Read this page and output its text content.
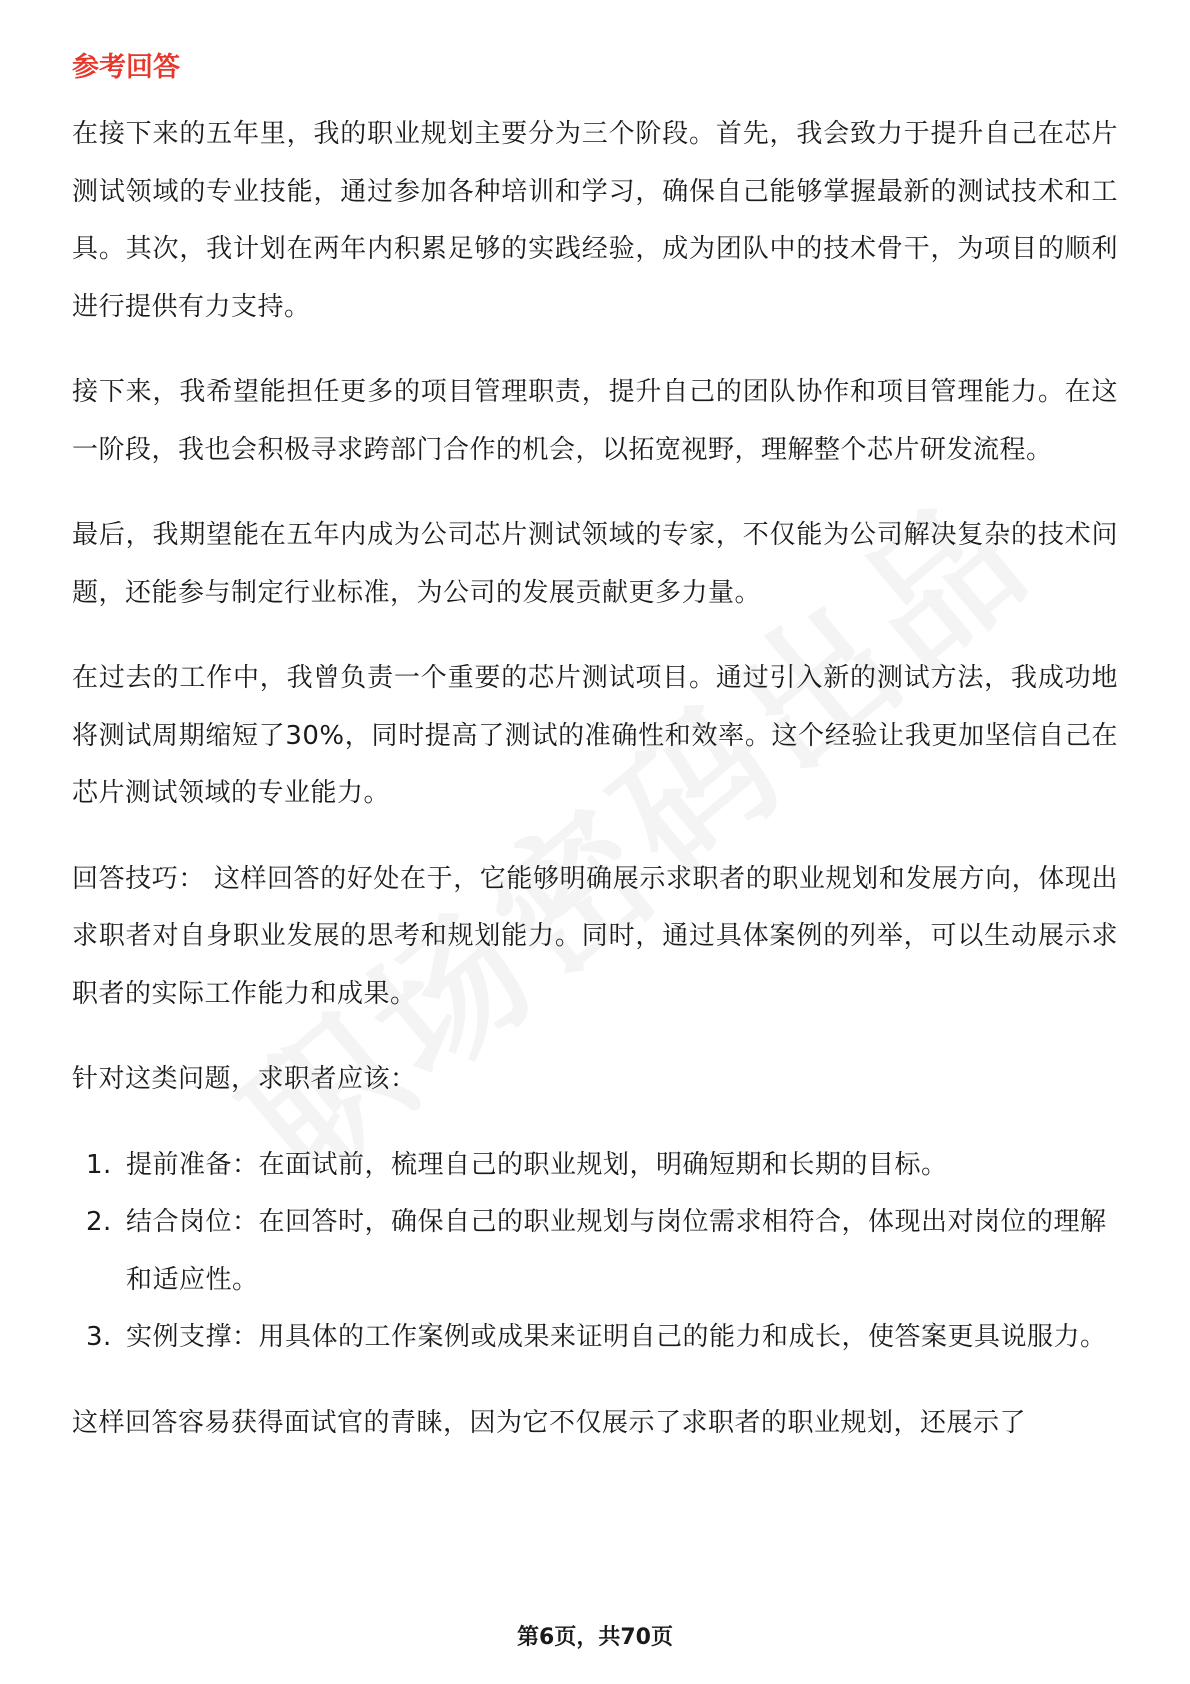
参考回答

在接下来的五年里，我的职业规划主要分为三个阶段。首先，我会致力于提升自己在芯片测试领域的专业技能，通过参加各种培训和学习，确保自己能够掌握最新的测试技术和工具。其次，我计划在两年内积累足够的实践经验，成为团队中的技术骨干，为项目的顺利进行提供有力支持。

接下来，我希望能担任更多的项目管理职责，提升自己的团队协作和项目管理能力。在这一阶段，我也会积极寻求跨部门合作的机会，以拓宽视野，理解整个芯片研发流程。

最后，我期望能在五年内成为公司芯片测试领域的专家，不仅能为公司解决复杂的技术问题，还能参与制定行业标准，为公司的发展贡献更多力量。

在过去的工作中，我曾负责一个重要的芯片测试项目。通过引入新的测试方法，我成功地将测试周期缩短了30%，同时提高了测试的准确性和效率。这个经验让我更加坚信自己在芯片测试领域的专业能力。

回答技巧： 这样回答的好处在于，它能够明确展示求职者的职业规划和发展方向，体现出求职者对自身职业发展的思考和规划能力。同时，通过具体案例的列举，可以生动展示求职者的实际工作能力和成果。

针对这类问题，求职者应该：

1. 提前准备：在面试前，梳理自己的职业规划，明确短期和长期的目标。
2. 结合岗位：在回答时，确保自己的职业规划与岗位需求相符合，体现出对岗位的理解和适应性。
3. 实例支撑：用具体的工作案例或成果来证明自己的能力和成长，使答案更具说服力。

这样回答容易获得面试官的青睐，因为它不仅展示了求职者的职业规划，还展示了

第6页，共70页
